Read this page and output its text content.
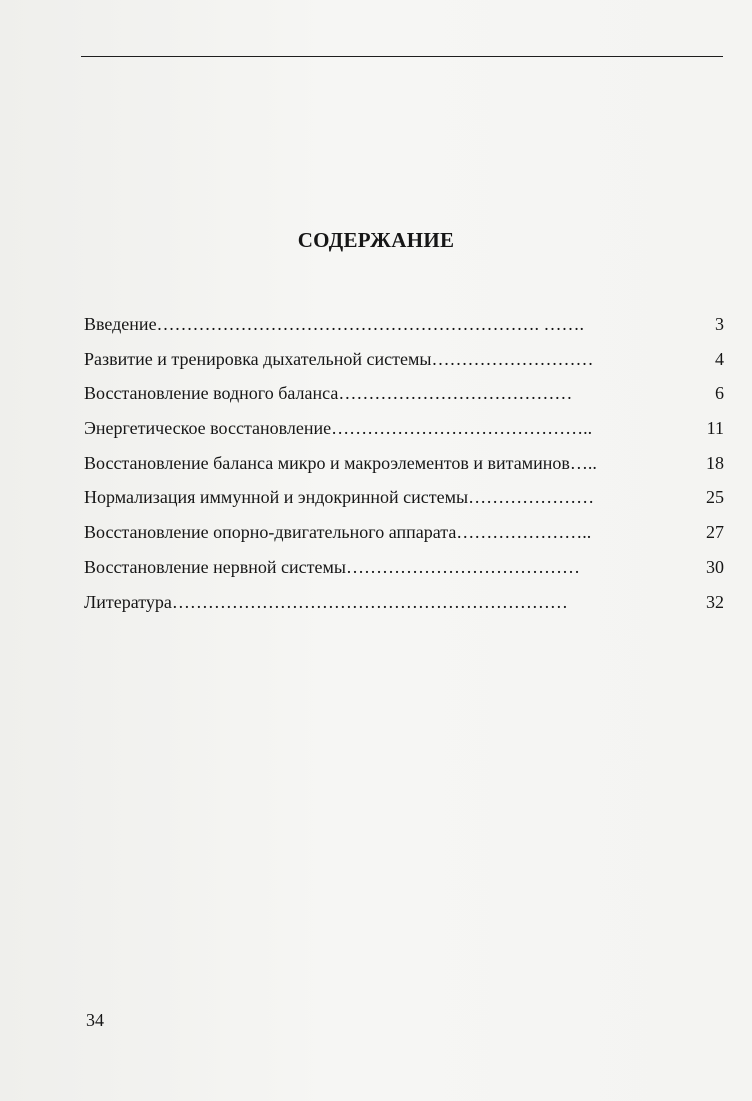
СОДЕРЖАНИЕ
Введение………………………………………………………. …….	3
Развитие и тренировка дыхательной системы………………………	4
Восстановление водного баланса…………………………………	6
Энергетическое восстановление……………………………………..	11
Восстановление баланса микро и макроэлементов и витаминов…..	18
Нормализация иммунной и эндокринной системы…………………	25
Восстановление опорно-двигательного аппарата…………………..	27
Восстановление нервной системы…………………………………	30
Литература…………………………………………………………	32
34
